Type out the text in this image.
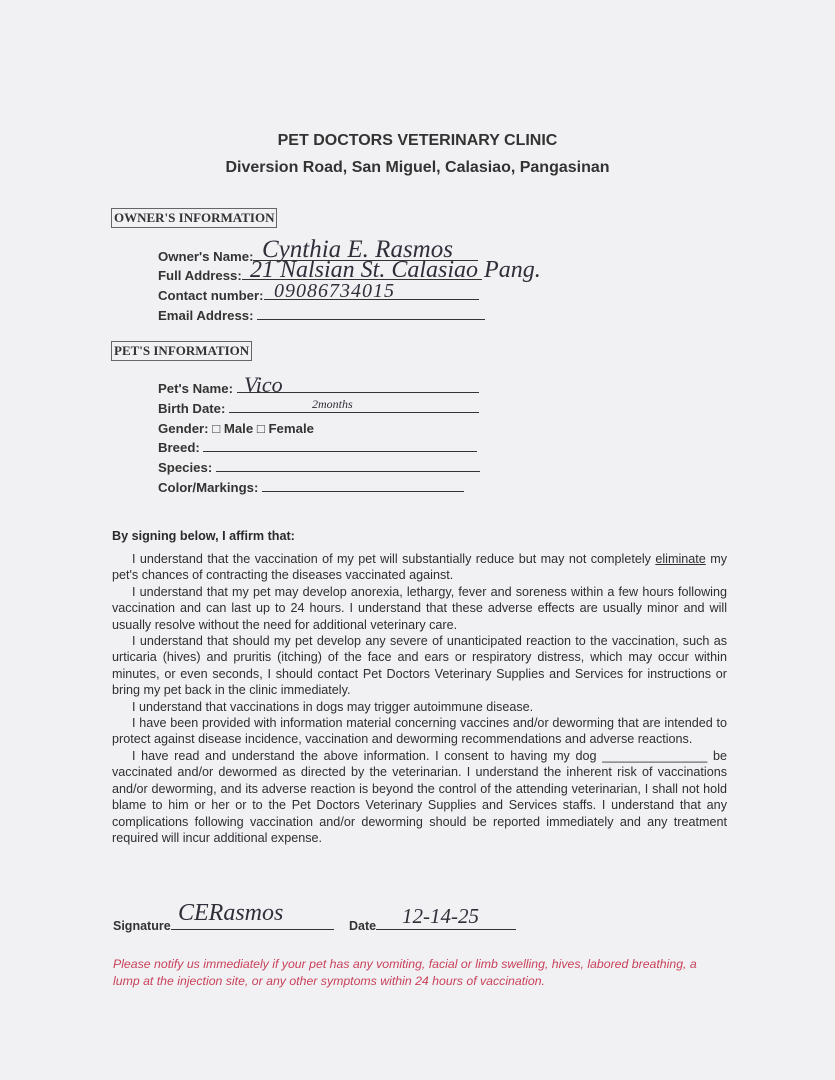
PET DOCTORS VETERINARY CLINIC
Diversion Road, San Miguel, Calasiao, Pangasinan
OWNER'S INFORMATION
Owner's Name: Cynthia E. Rasmos
Full Address: 21 Nalsian St. Calasiao Pang.
Contact number: 09086734015
Email Address:
PET'S INFORMATION
Pet's Name: Vico
Birth Date:	2months
Gender: □ Male □ Female
Breed:
Species:
Color/Markings:
By signing below, I affirm that:

I understand that the vaccination of my pet will substantially reduce but may not completely eliminate my pet's chances of contracting the diseases vaccinated against.

I understand that my pet may develop anorexia, lethargy, fever and soreness within a few hours following vaccination and can last up to 24 hours. I understand that these adverse effects are usually minor and will usually resolve without the need for additional veterinary care.

I understand that should my pet develop any severe of unanticipated reaction to the vaccination, such as urticaria (hives) and pruritis (itching) of the face and ears or respiratory distress, which may occur within minutes, or even seconds, I should contact Pet Doctors Veterinary Supplies and Services for instructions or bring my pet back in the clinic immediately.

I understand that vaccinations in dogs may trigger autoimmune disease.

I have been provided with information material concerning vaccines and/or deworming that are intended to protect against disease incidence, vaccination and deworming recommendations and adverse reactions.

I have read and understand the above information. I consent to having my dog _______________ be vaccinated and/or dewormed as directed by the veterinarian. I understand the inherent risk of vaccinations and/or deworming, and its adverse reaction is beyond the control of the attending veterinarian, I shall not hold blame to him or her or to the Pet Doctors Veterinary Supplies and Services staffs. I understand that any complications following vaccination and/or deworming should be reported immediately and any treatment required will incur additional expense.

Signature CERasmos	Date	12-14-25
Please notify us immediately if your pet has any vomiting, facial or limb swelling, hives, labored breathing, a lump at the injection site, or any other symptoms within 24 hours of vaccination.
